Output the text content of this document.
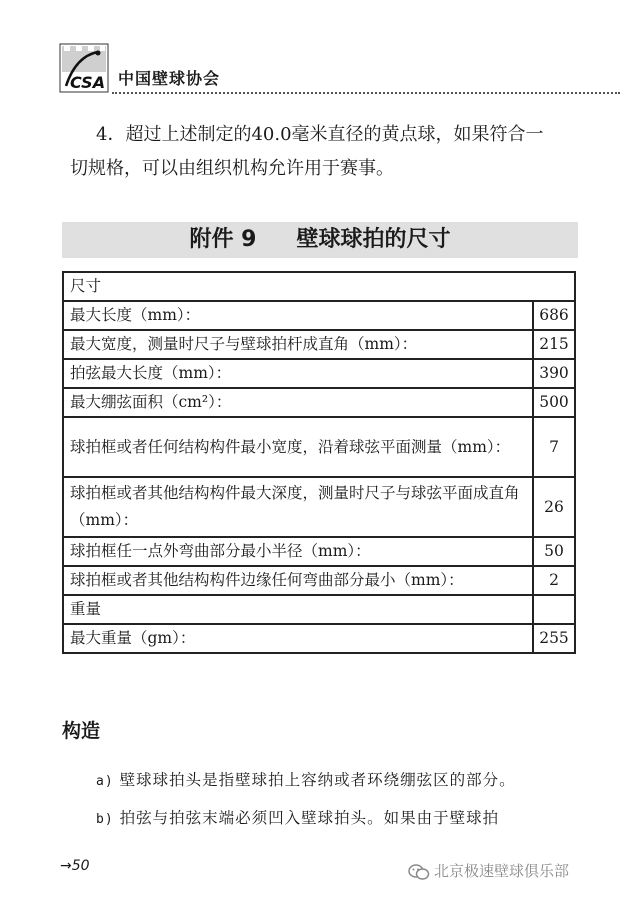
CSA 中国壁球协会
4．超过上述制定的40.0毫米直径的黄点球，如果符合一
切规格，可以由组织机构允许用于赛事。
附件 9 壁球球拍的尺寸
尺寸	
最大长度（mm）：	686
最大宽度，测量时尺子与壁球拍杆成直角（mm）：	215
拍弦最大长度（mm）：	390
最大绷弦面积（cm²）：	500
球拍框或者任何结构构件最小宽度，沿着球弦平面测量（mm）：	7
球拍框或者其他结构构件最大深度，测量时尺子与球弦平面成直角（mm）：	26
球拍框任一点外弯曲部分最小半径（mm）：	50
球拍框或者其他结构构件边缘任何弯曲部分最小（mm）：	2
重量	
最大重量（gm）：	255
构造
a) 壁球球拍头是指壁球拍上容纳或者环绕绷弦区的部分。
b) 拍弦与拍弦末端必须凹入壁球拍头。如果由于壁球拍
→50	北京极速壁球俱乐部
